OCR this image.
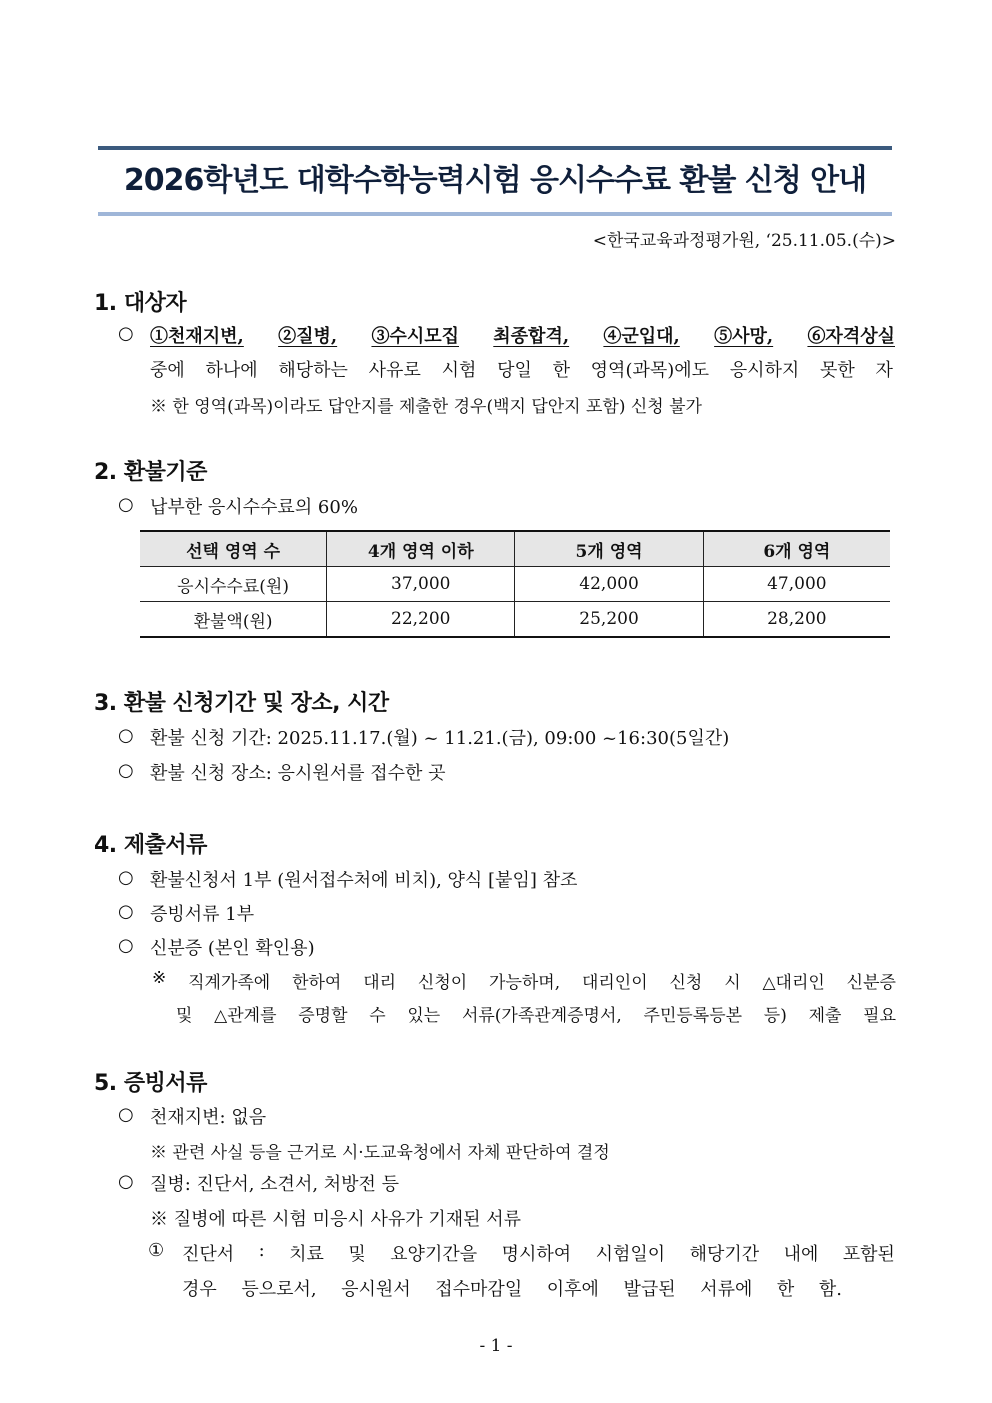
2026학년도 대학수학능력시험 응시수수료 환불 신청 안내
<한국교육과정평가원, ‘25.11.05.(수)>
1. 대상자
○ ①천재지변, ②질병, ③수시모집 최종합격, ④군입대, ⑤사망, ⑥자격상실
중에 하나에 해당하는 사유로 시험 당일 한 영역(과목)에도 응시하지 못한 자
※ 한 영역(과목)이라도 답안지를 제출한 경우(백지 답안지 포함) 신청 불가
2. 환불기준
○ 납부한 응시수수료의 60%
선택 영역 수	4개 영역 이하	5개 영역	6개 영역
응시수수료(원)	37,000	42,000	47,000
환불액(원)	22,200	25,200	28,200
3. 환불 신청기간 및 장소, 시간
○ 환불 신청 기간: 2025.11.17.(월) ~ 11.21.(금), 09:00 ~16:30(5일간)
○ 환불 신청 장소: 응시원서를 접수한 곳
4. 제출서류
○ 환불신청서 1부 (원서접수처에 비치), 양식 [붙임] 참조
○ 증빙서류 1부
○ 신분증 (본인 확인용)
※ 직계가족에 한하여 대리 신청이 가능하며, 대리인이 신청 시 △대리인 신분증
및 △관계를 증명할 수 있는 서류(가족관계증명서, 주민등록등본 등) 제출 필요
5. 증빙서류
○ 천재지변: 없음
※ 관련 사실 등을 근거로 시·도교육청에서 자체 판단하여 결정
○ 질병: 진단서, 소견서, 처방전 등
※ 질병에 따른 시험 미응시 사유가 기재된 서류
① 진단서 : 치료 및 요양기간을 명시하여 시험일이 해당기간 내에 포함된
경우 등으로서, 응시원서 접수마감일 이후에 발급된 서류에 한 함.
- 1 -
